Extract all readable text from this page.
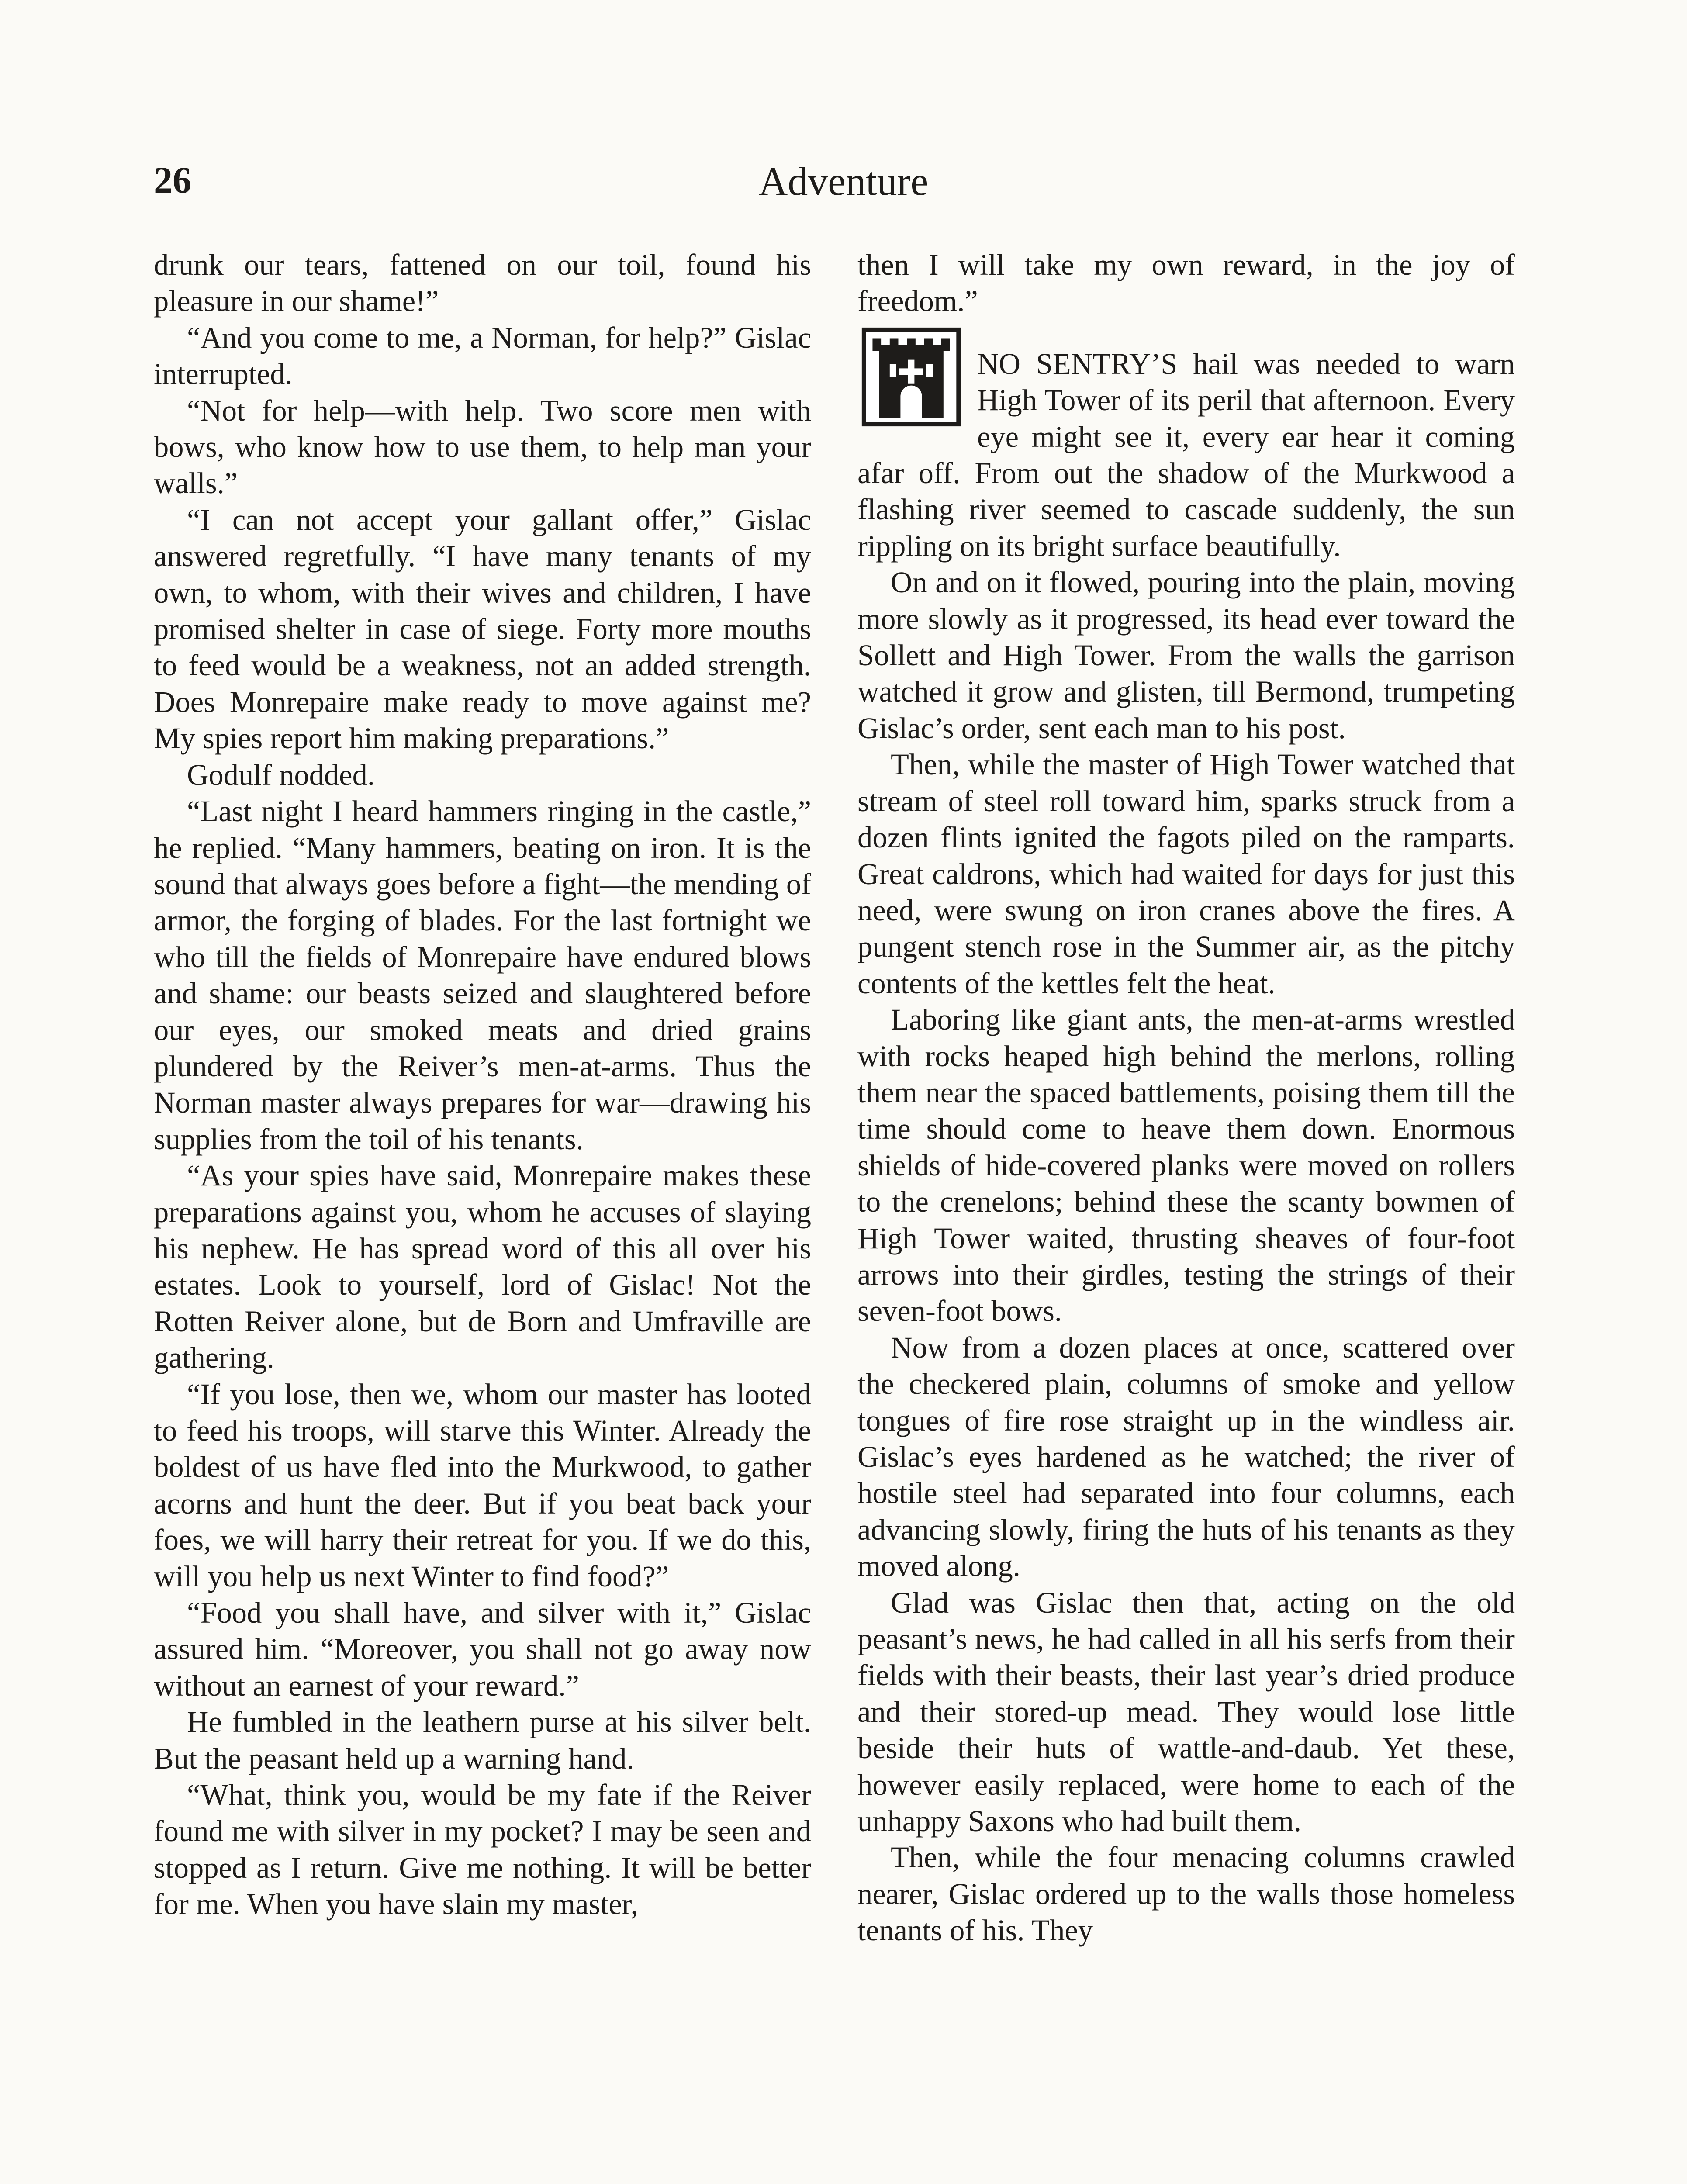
26	Adventure

drunk our tears, fattened on our toil, found his pleasure in our shame!”

“And you come to me, a Norman, for help?” Gislac interrupted.

“Not for help—with help. Two score men with bows, who know how to use them, to help man your walls.”

“I can not accept your gallant offer,” Gislac answered regretfully. “I have many tenants of my own, to whom, with their wives and children, I have promised shelter in case of siege. Forty more mouths to feed would be a weakness, not an added strength. Does Monrepaire make ready to move against me? My spies report him making preparations.”

Godulf nodded.

“Last night I heard hammers ringing in the castle,” he replied. “Many hammers, beating on iron. It is the sound that always goes before a fight—the mending of armor, the forging of blades. For the last fortnight we who till the fields of Monrepaire have endured blows and shame: our beasts seized and slaughtered before our eyes, our smoked meats and dried grains plundered by the Reiver’s men-at-arms. Thus the Norman master always prepares for war—drawing his supplies from the toil of his tenants.

“As your spies have said, Monrepaire makes these preparations against you, whom he accuses of slaying his nephew. He has spread word of this all over his estates. Look to yourself, lord of Gislac! Not the Rotten Reiver alone, but de Born and Umfraville are gathering.

“If you lose, then we, whom our master has looted to feed his troops, will starve this Winter. Already the boldest of us have fled into the Murkwood, to gather acorns and hunt the deer. But if you beat back your foes, we will harry their retreat for you. If we do this, will you help us next Winter to find food?”

“Food you shall have, and silver with it,” Gislac assured him. “Moreover, you shall not go away now without an earnest of your reward.”

He fumbled in the leathern purse at his silver belt. But the peasant held up a warning hand.

“What, think you, would be my fate if the Reiver found me with silver in my pocket? I may be seen and stopped as I return. Give me nothing. It will be better for me. When you have slain my master,

then I will take my own reward, in the joy of freedom.”

NO SENTRY’S hail was needed to warn High Tower of its peril that afternoon. Every eye might see it, every ear hear it coming afar off. From out the shadow of the Murkwood a flashing river seemed to cascade suddenly, the sun rippling on its bright surface beautifully.

On and on it flowed, pouring into the plain, moving more slowly as it progressed, its head ever toward the Sollett and High Tower. From the walls the garrison watched it grow and glisten, till Bermond, trumpeting Gislac’s order, sent each man to his post.

Then, while the master of High Tower watched that stream of steel roll toward him, sparks struck from a dozen flints ignited the fagots piled on the ramparts. Great caldrons, which had waited for days for just this need, were swung on iron cranes above the fires. A pungent stench rose in the Summer air, as the pitchy contents of the kettles felt the heat.

Laboring like giant ants, the men-at-arms wrestled with rocks heaped high behind the merlons, rolling them near the spaced battlements, poising them till the time should come to heave them down. Enormous shields of hide-covered planks were moved on rollers to the crenelons; behind these the scanty bowmen of High Tower waited, thrusting sheaves of four-foot arrows into their girdles, testing the strings of their seven-foot bows.

Now from a dozen places at once, scattered over the checkered plain, columns of smoke and yellow tongues of fire rose straight up in the windless air. Gislac’s eyes hardened as he watched; the river of hostile steel had separated into four columns, each advancing slowly, firing the huts of his tenants as they moved along.

Glad was Gislac then that, acting on the old peasant’s news, he had called in all his serfs from their fields with their beasts, their last year’s dried produce and their stored-up mead. They would lose little beside their huts of wattle-and-daub. Yet these, however easily replaced, were home to each of the unhappy Saxons who had built them.

Then, while the four menacing columns crawled nearer, Gislac ordered up to the walls those homeless tenants of his. They
